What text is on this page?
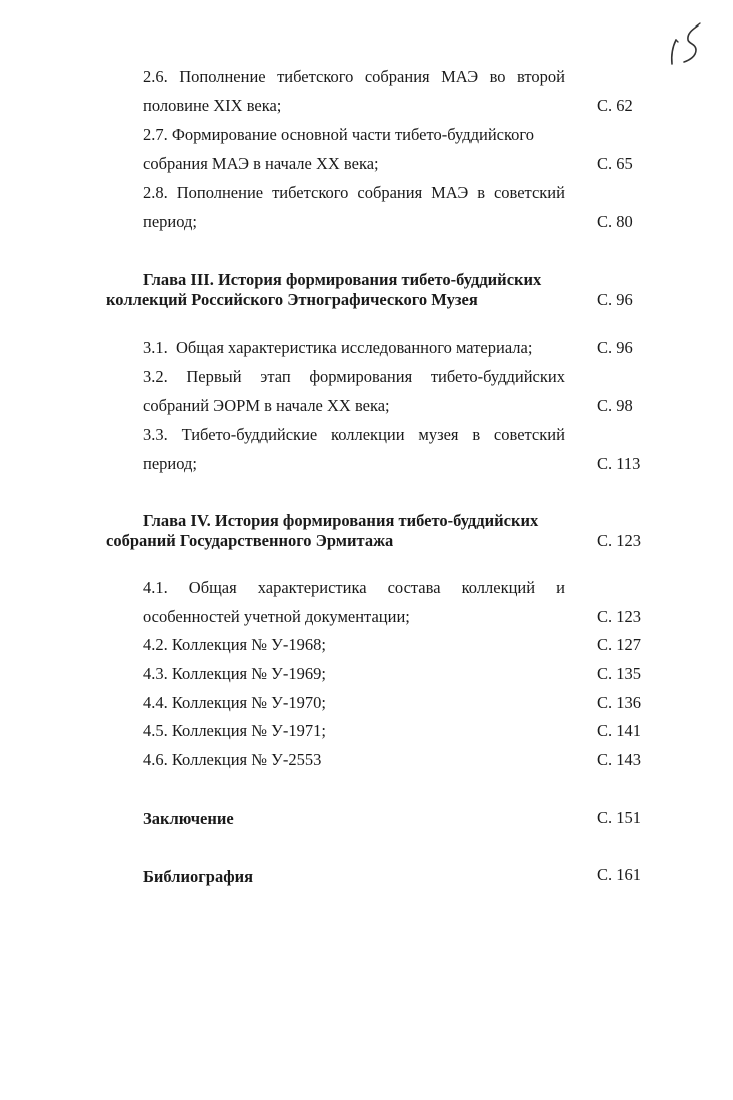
2.6. Пополнение тибетского собрания МАЭ во второй
половине XIX века;	С. 62
2.7. Формирование основной части тибето-буддийского
собрания МАЭ в начале XX века;	С. 65
2.8. Пополнение тибетского собрания МАЭ в советский
период;	С. 80
Глава III. История формирования тибето-буддийских
коллекций Российского Этнографического Музея	С. 96
3.1.  Общая характеристика исследованного материала;	С. 96
3.2. Первый этап формирования тибето-буддийских
собраний ЭОРМ в начале XX века;	С. 98
3.3. Тибето-буддийские коллекции музея в советский
период;	С. 113
Глава IV. История формирования тибето-буддийских
собраний Государственного Эрмитажа	С. 123
4.1. Общая характеристика состава коллекций и
особенностей учетной документации;	С. 123
4.2. Коллекция № У-1968;	С. 127
4.3. Коллекция № У-1969;	С. 135
4.4. Коллекция № У-1970;	С. 136
4.5. Коллекция № У-1971;	С. 141
4.6. Коллекция № У-2553	С. 143
Заключение	С. 151
Библиография	С. 161
